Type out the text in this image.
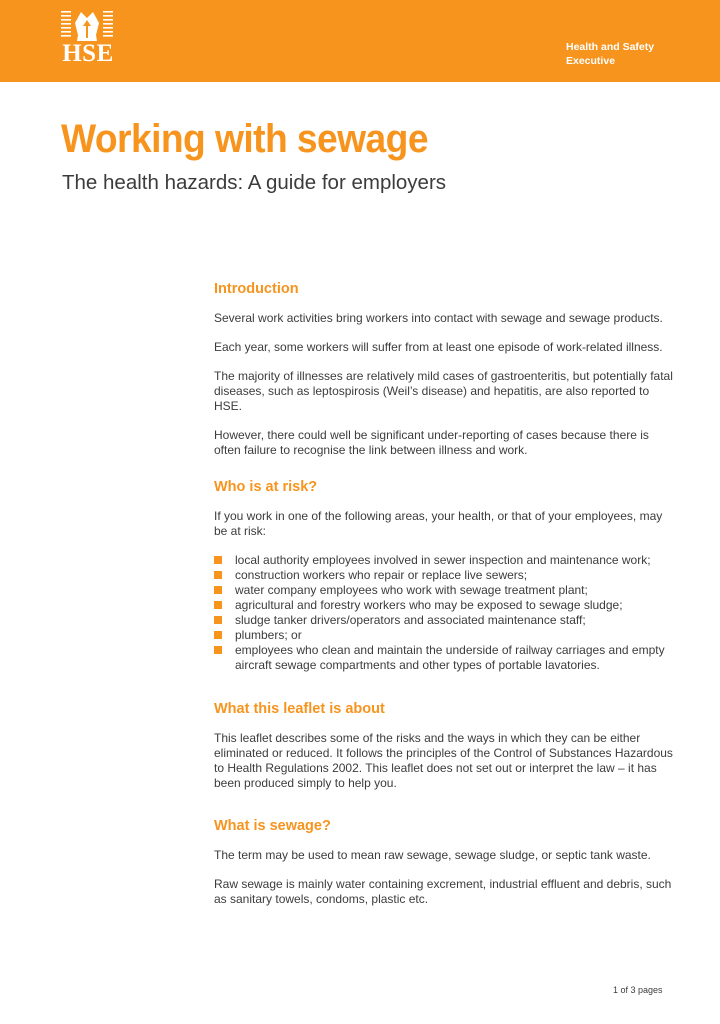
HSE	Health and Safety
Executive
Working with sewage
The health hazards: A guide for employers
Introduction

Several work activities bring workers into contact with sewage and sewage products.

Each year, some workers will suffer from at least one episode of work-related illness.

The majority of illnesses are relatively mild cases of gastroenteritis, but potentially fatal diseases, such as leptospirosis (Weil’s disease) and hepatitis, are also reported to HSE.

However, there could well be significant under-reporting of cases because there is often failure to recognise the link between illness and work.

Who is at risk?

If you work in one of the following areas, your health, or that of your employees, may be at risk:

local authority employees involved in sewer inspection and maintenance work;
construction workers who repair or replace live sewers;
water company employees who work with sewage treatment plant;
agricultural and forestry workers who may be exposed to sewage sludge;
sludge tanker drivers/operators and associated maintenance staff;
plumbers; or
employees who clean and maintain the underside of railway carriages and empty aircraft sewage compartments and other types of portable lavatories.
What this leaflet is about

This leaflet describes some of the risks and the ways in which they can be either eliminated or reduced. It follows the principles of the Control of Substances Hazardous to Health Regulations 2002. This leaflet does not set out or interpret the law – it has been produced simply to help you.

What is sewage?

The term may be used to mean raw sewage, sewage sludge, or septic tank waste.

Raw sewage is mainly water containing excrement, industrial effluent and debris, such as sanitary towels, condoms, plastic etc.

1 of 3 pages
